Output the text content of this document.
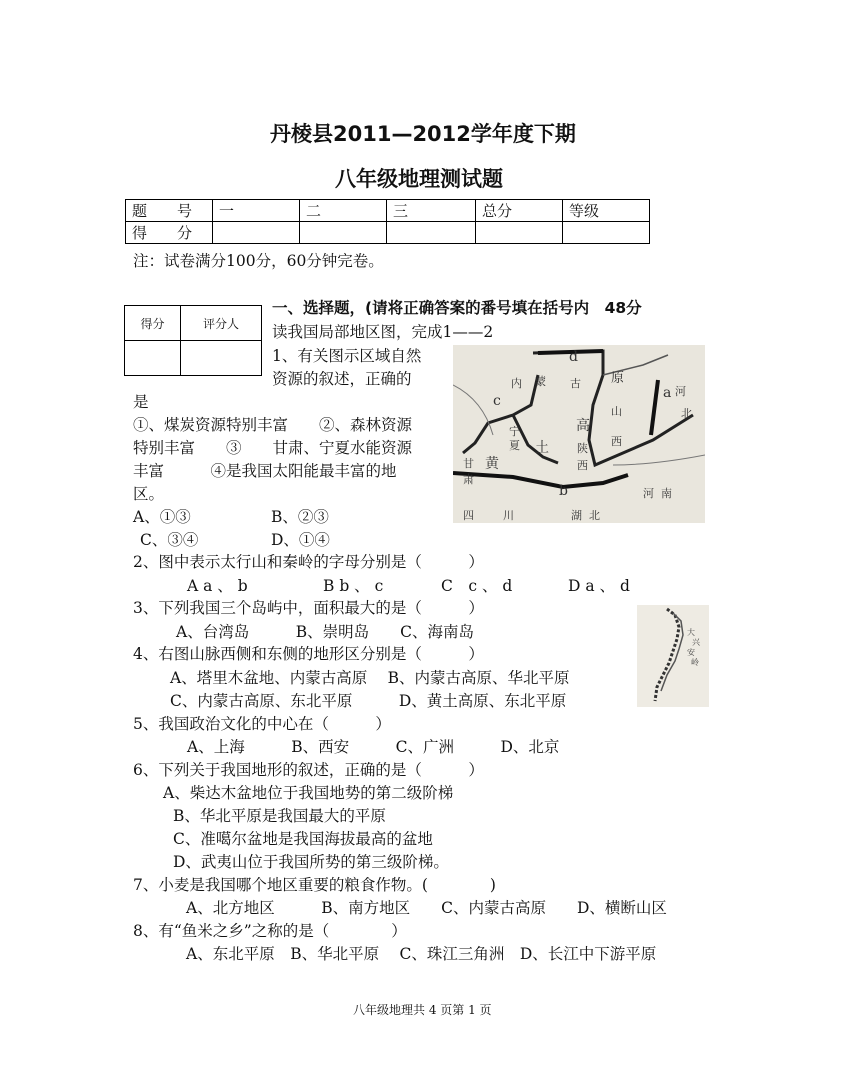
丹棱县2011—2012学年度下期
八年级地理测试题
题　　号	一	二	三	总分	等级
得　　分					
注：试卷满分100分，60分钟完卷。
得分	评分人

一、选择题，(请将正确答案的番号填在括号内　48分
读我国局部地区图，完成1——2
1、有关图示区域自然
资源的叙述，正确的
是
①、煤炭资源特别丰富　　②、森林资源
特别丰富　　③　　甘肃、宁夏水能资源
丰富　　　④是我国太阳能最丰富的地
区。
A、①③	B、②③
C、③④	D、①④
内 蒙 古
宁
夏 土
高
陕
西
山
原
西
河
北
河 南
甘
肃
黄
四	川	湖 北
a
b
c
d
2、图中表示太行山和秦岭的字母分别是（　　　）
A a 、 b	B b 、 c	C　c 、 d	D a 、 d
3、下列我国三个岛屿中，面积最大的是（　　　）
A、台湾岛　　　B、崇明岛　　C、海南岛	大
兴
安
岭
4、右图山脉西侧和东侧的地形区分别是（　　　）
A、塔里木盆地、内蒙古高原　 B、内蒙古高原、华北平原
C、内蒙古高原、东北平原　　　D、黄土高原、东北平原
5、我国政治文化的中心在（　　　）
A、上海　　　B、西安　　　C、广洲　　　D、北京
6、下列关于我国地形的叙述，正确的是（　　　）
A、柴达木盆地位于我国地势的第二级阶梯
B、华北平原是我国最大的平原
C、准噶尔盆地是我国海拔最高的盆地
D、武夷山位于我国所势的第三级阶梯。
7、小麦是我国哪个地区重要的粮食作物。(　　　　)
A、北方地区　　　B、南方地区　　C、内蒙古高原　　D、横断山区
8、有“鱼米之乡”之称的是（　　　　）
A、东北平原　B、华北平原　 C、珠江三角洲　D、长江中下游平原
八年级地理共 4 页第 1 页
